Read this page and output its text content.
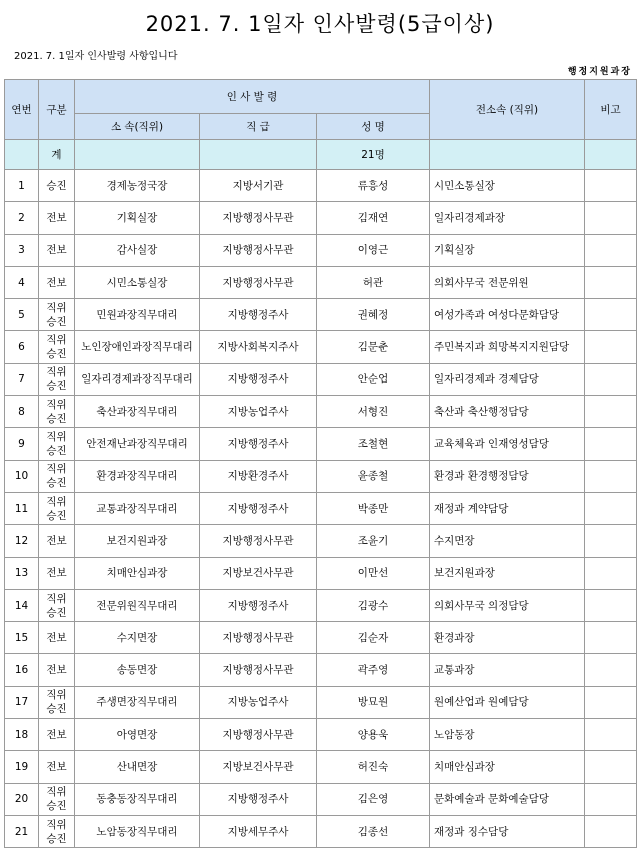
2021. 7. 1일자 인사발령(5급이상)
2021. 7. 1일자 인사발령 사항입니다
행정지원과장
연번	구분	인 사 발 령			전소속 (직위)	비고
		소 속(직위)	직 급	성 명		
	계			21명		
1	승진	경제농정국장	지방서기관	류흥성	시민소통실장	
2	전보	기획실장	지방행정사무관	김재연	일자리경제과장	
3	전보	감사실장	지방행정사무관	이영근	기획실장	
4	전보	시민소통실장	지방행정사무관	허관	의회사무국 전문위원	
5	직위 승진	민원과장직무대리	지방행정주사	권혜정	여성가족과 여성다문화담당	
6	직위 승진	노인장애인과장직무대리	지방사회복지주사	김문춘	주민복지과 희망복지지원담당	
7	직위 승진	일자리경제과장직무대리	지방행정주사	안순업	일자리경제과 경제담당	
8	직위 승진	축산과장직무대리	지방농업주사	서형진	축산과 축산행정담당	
9	직위 승진	안전재난과장직무대리	지방행정주사	조철현	교육체육과 인재영성담당	
10	직위 승진	환경과장직무대리	지방환경주사	윤종철	환경과 환경행정담당	
11	직위 승진	교통과장직무대리	지방행정주사	박종만	재정과 계약담당	
12	전보	보건지원과장	지방행정사무관	조윤기	수지면장	
13	전보	치매안심과장	지방보건사무관	이만선	보건지원과장	
14	직위 승진	전문위원직무대리	지방행정주사	김광수	의회사무국 의정담당	
15	전보	수지면장	지방행정사무관	김순자	환경과장	
16	전보	송동면장	지방행정사무관	곽주영	교통과장	
17	직위 승진	주생면장직무대리	지방농업주사	방묘원	원예산업과 원예담당	
18	전보	아영면장	지방행정사무관	양용욱	노암동장	
19	전보	산내면장	지방보건사무관	허진숙	치매안심과장	
20	직위 승진	동충동장직무대리	지방행정주사	김은영	문화예술과 문화예술담당	
21	직위 승진	노암동장직무대리	지방세무주사	김종선	재정과 징수담당	
